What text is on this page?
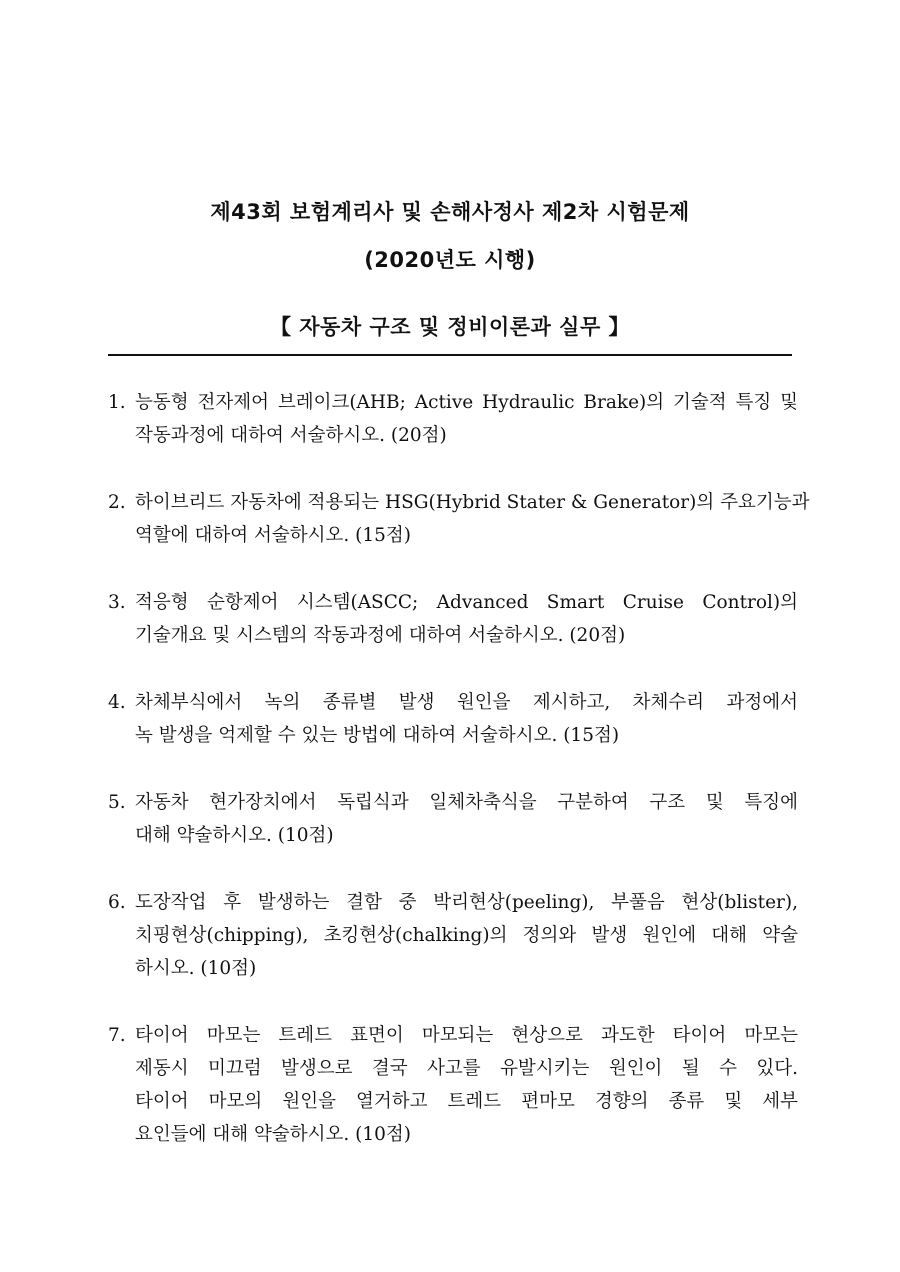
제43회 보험계리사 및 손해사정사 제2차 시험문제
(2020년도 시행)
【 자동차 구조 및 정비이론과 실무 】
1. 능동형 전자제어 브레이크(AHB; Active Hydraulic Brake)의 기술적 특징 및
작동과정에 대하여 서술하시오. (20점)
2. 하이브리드 자동차에 적용되는 HSG(Hybrid Stater & Generator)의 주요기능과
역할에 대하여 서술하시오. (15점)
3. 적응형 순항제어 시스템(ASCC; Advanced Smart Cruise Control)의
기술개요 및 시스템의 작동과정에 대하여 서술하시오. (20점)
4. 차체부식에서 녹의 종류별 발생 원인을 제시하고, 차체수리 과정에서
녹 발생을 억제할 수 있는 방법에 대하여 서술하시오. (15점)
5. 자동차 현가장치에서 독립식과 일체차축식을 구분하여 구조 및 특징에
대해 약술하시오. (10점)
6. 도장작업 후 발생하는 결함 중 박리현상(peeling), 부풀음 현상(blister),
치핑현상(chipping), 초킹현상(chalking)의 정의와 발생 원인에 대해 약술
하시오. (10점)
7. 타이어 마모는 트레드 표면이 마모되는 현상으로 과도한 타이어 마모는
제동시 미끄럼 발생으로 결국 사고를 유발시키는 원인이 될 수 있다.
타이어 마모의 원인을 열거하고 트레드 편마모 경향의 종류 및 세부
요인들에 대해 약술하시오. (10점)
